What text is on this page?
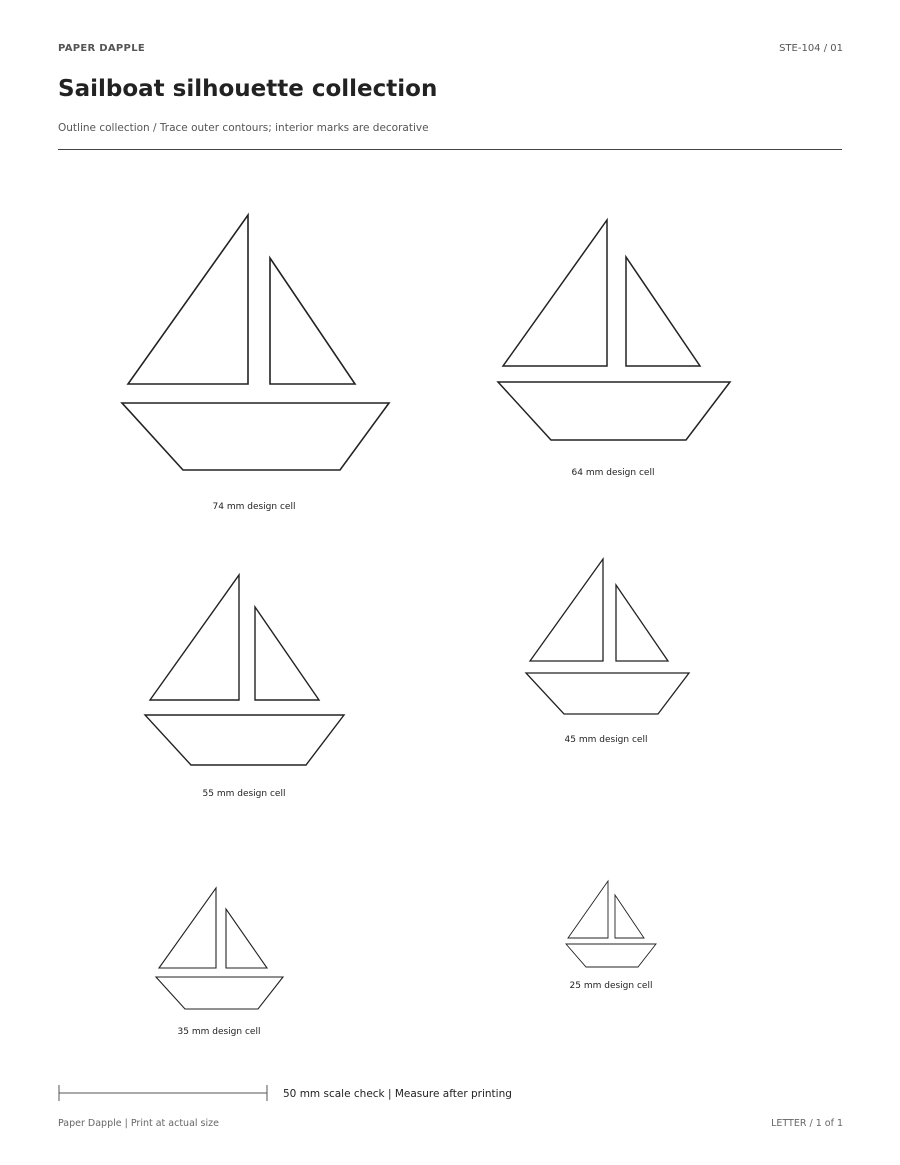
PAPER DAPPLE	STE-104 / 01
Sailboat silhouette collection
Outline collection / Trace outer contours; interior marks are decorative
74 mm design cell
64 mm design cell
55 mm design cell
45 mm design cell
35 mm design cell
25 mm design cell
50 mm scale check | Measure after printing
Paper Dapple | Print at actual size	LETTER / 1 of 1
